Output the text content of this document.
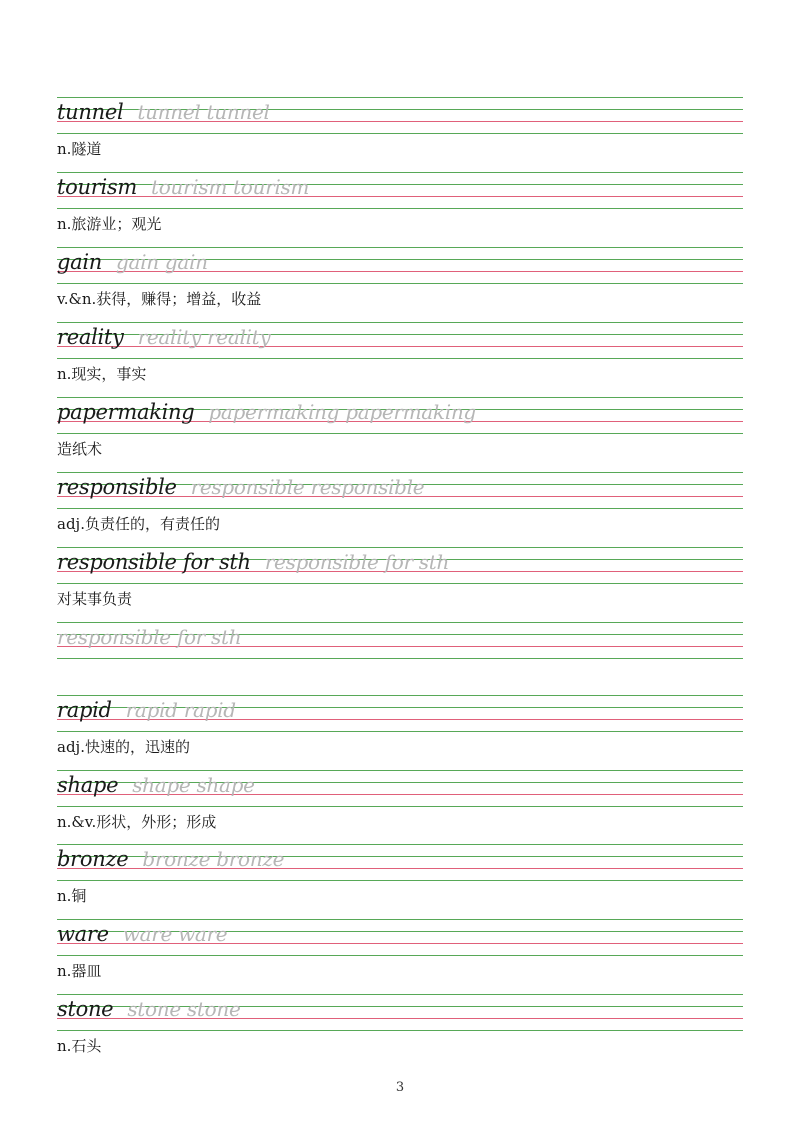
tunnel tunnel tunnel
n.隧道
tourism tourism tourism
n.旅游业；观光
gain gain gain
v.&n.获得，赚得；增益，收益
reality reality reality
n.现实，事实
papermaking papermaking papermaking
造纸术
responsible responsible responsible
adj.负责任的，有责任的
responsible for sth responsible for sth
对某事负责
responsible for sth
rapid rapid rapid
adj.快速的，迅速的
shape shape shape
n.&v.形状，外形；形成
bronze bronze bronze
n.铜
ware ware ware
n.器皿
stone stone stone
n.石头
3
